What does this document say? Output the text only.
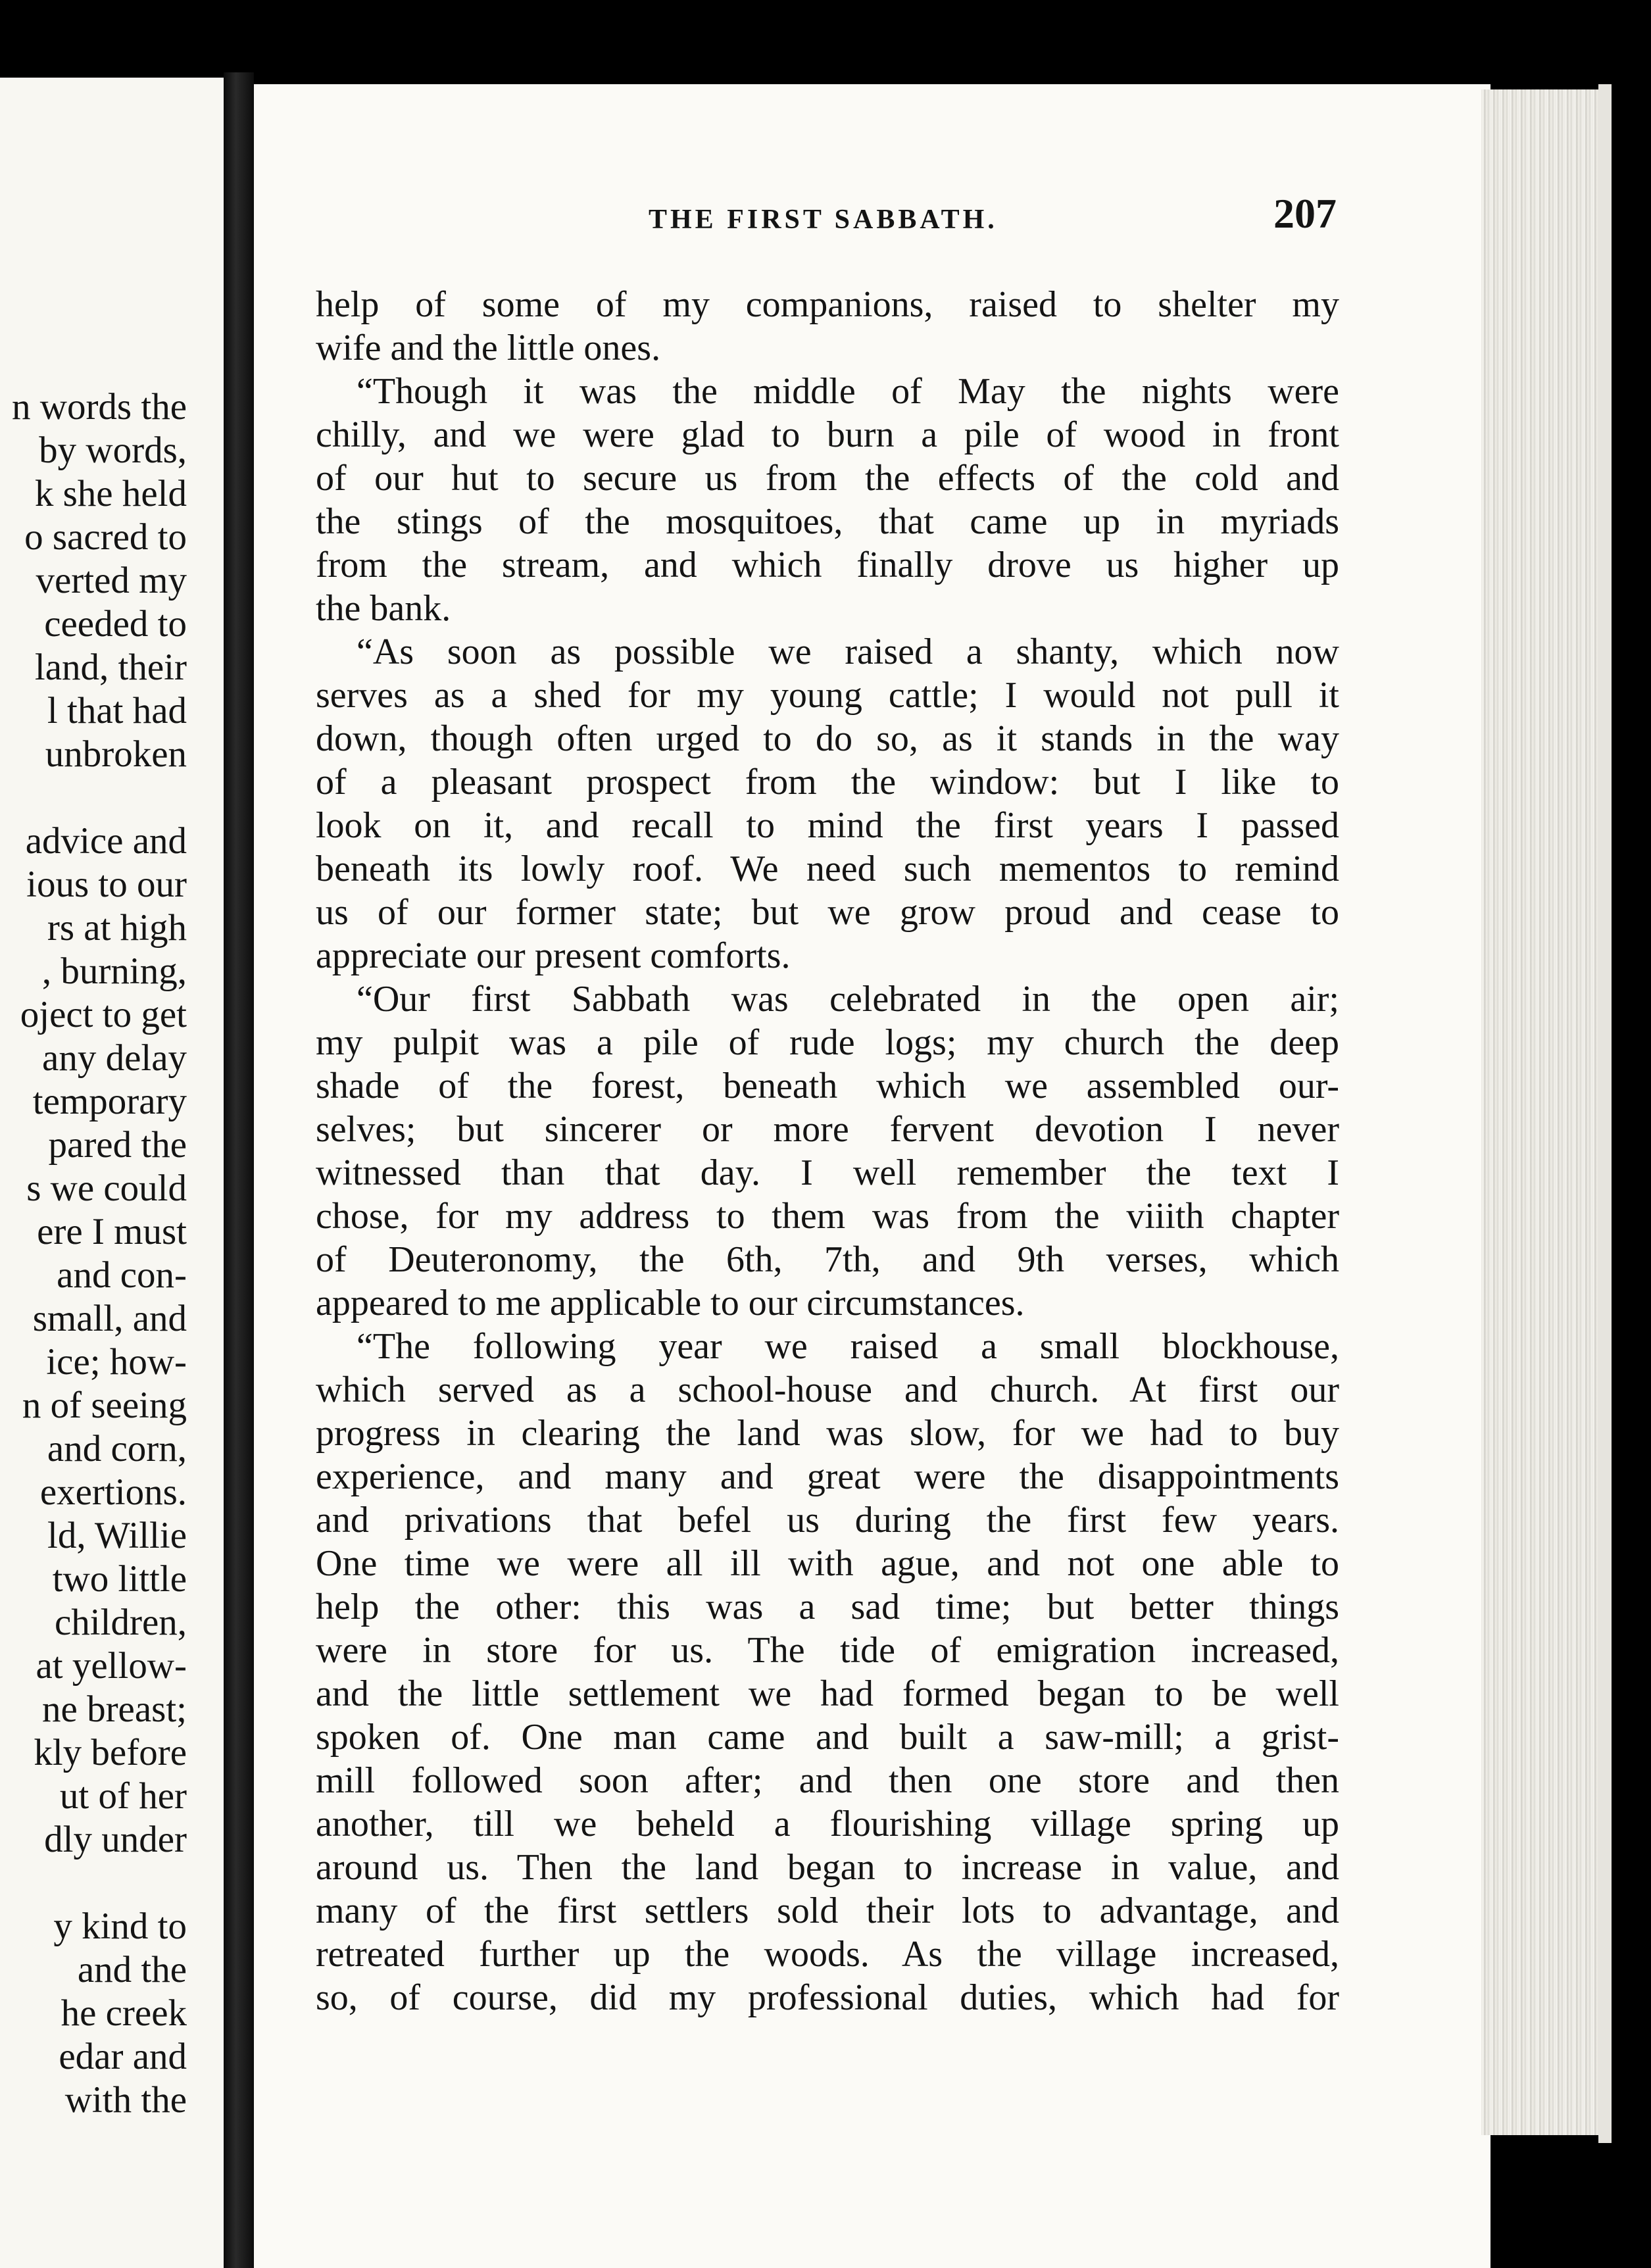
n words the
by words,
k she held
o sacred to
verted my
ceeded to
land, their
l that had
unbroken
advice and
ious to our
rs at high
, burning,
oject to get
any delay
temporary
pared the
s we could
ere I must
and con-
small, and
ice; how-
n of seeing
and corn,
exertions.
ld, Willie
two little
children,
at yellow-
ne breast;
kly before
ut of her
dly under
y kind to
and the
he creek
edar and
with the
THE FIRST SABBATH.	207
help of some of my companions, raised to shelter my
wife and the little ones.
“Though it was the middle of May the nights were
chilly, and we were glad to burn a pile of wood in front
of our hut to secure us from the effects of the cold and
the stings of the mosquitoes, that came up in myriads
from the stream, and which finally drove us higher up
the bank.
“As soon as possible we raised a shanty, which now
serves as a shed for my young cattle; I would not pull it
down, though often urged to do so, as it stands in the way
of a pleasant prospect from the window: but I like to
look on it, and recall to mind the first years I passed
beneath its lowly roof. We need such mementos to remind
us of our former state; but we grow proud and cease to
appreciate our present comforts.
“Our first Sabbath was celebrated in the open air;
my pulpit was a pile of rude logs; my church the deep
shade of the forest, beneath which we assembled our-
selves; but sincerer or more fervent devotion I never
witnessed than that day. I well remember the text I
chose, for my address to them was from the viiith chapter
of Deuteronomy, the 6th, 7th, and 9th verses, which
appeared to me applicable to our circumstances.
“The following year we raised a small blockhouse,
which served as a school-house and church. At first our
progress in clearing the land was slow, for we had to buy
experience, and many and great were the disappointments
and privations that befel us during the first few years.
One time we were all ill with ague, and not one able to
help the other: this was a sad time; but better things
were in store for us. The tide of emigration increased,
and the little settlement we had formed began to be well
spoken of. One man came and built a saw-mill; a grist-
mill followed soon after; and then one store and then
another, till we beheld a flourishing village spring up
around us. Then the land began to increase in value, and
many of the first settlers sold their lots to advantage, and
retreated further up the woods. As the village increased,
so, of course, did my professional duties, which had for
